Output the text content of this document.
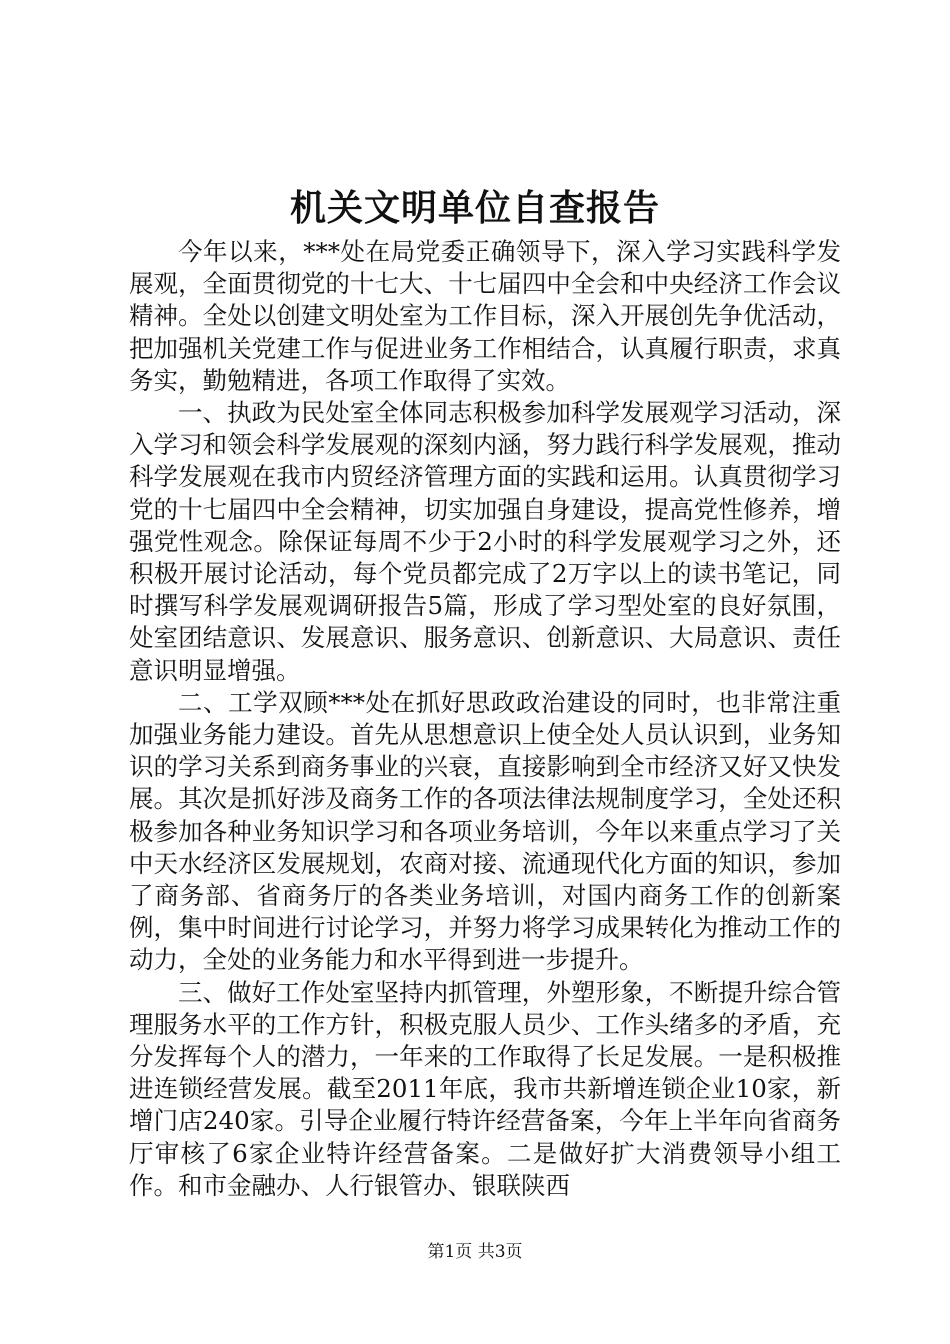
机关文明单位自查报告

今年以来，***处在局党委正确领导下，深入学习实践科学发展观，全面贯彻党的十七大、十七届四中全会和中央经济工作会议精神。全处以创建文明处室为工作目标，深入开展创先争优活动，把加强机关党建工作与促进业务工作相结合，认真履行职责，求真务实，勤勉精进，各项工作取得了实效。

一、执政为民处室全体同志积极参加科学发展观学习活动，深入学习和领会科学发展观的深刻内涵，努力践行科学发展观，推动科学发展观在我市内贸经济管理方面的实践和运用。认真贯彻学习党的十七届四中全会精神，切实加强自身建设，提高党性修养，增强党性观念。除保证每周不少于2小时的科学发展观学习之外，还积极开展讨论活动，每个党员都完成了2万字以上的读书笔记，同时撰写科学发展观调研报告5篇，形成了学习型处室的良好氛围，处室团结意识、发展意识、服务意识、创新意识、大局意识、责任意识明显增强。

二、工学双顾***处在抓好思政政治建设的同时，也非常注重加强业务能力建设。首先从思想意识上使全处人员认识到，业务知识的学习关系到商务事业的兴衰，直接影响到全市经济又好又快发展。其次是抓好涉及商务工作的各项法律法规制度学习，全处还积极参加各种业务知识学习和各项业务培训，今年以来重点学习了关中天水经济区发展规划，农商对接、流通现代化方面的知识，参加了商务部、省商务厅的各类业务培训，对国内商务工作的创新案例，集中时间进行讨论学习，并努力将学习成果转化为推动工作的动力，全处的业务能力和水平得到进一步提升。

三、做好工作处室坚持内抓管理，外塑形象，不断提升综合管理服务水平的工作方针，积极克服人员少、工作头绪多的矛盾，充分发挥每个人的潜力，一年来的工作取得了长足发展。一是积极推进连锁经营发展。截至2011年底，我市共新增连锁企业10家，新增门店240家。引导企业履行特许经营备案，今年上半年向省商务厅审核了6家企业特许经营备案。二是做好扩大消费领导小组工作。和市金融办、人行银管办、银联陕西

第1页 共3页
